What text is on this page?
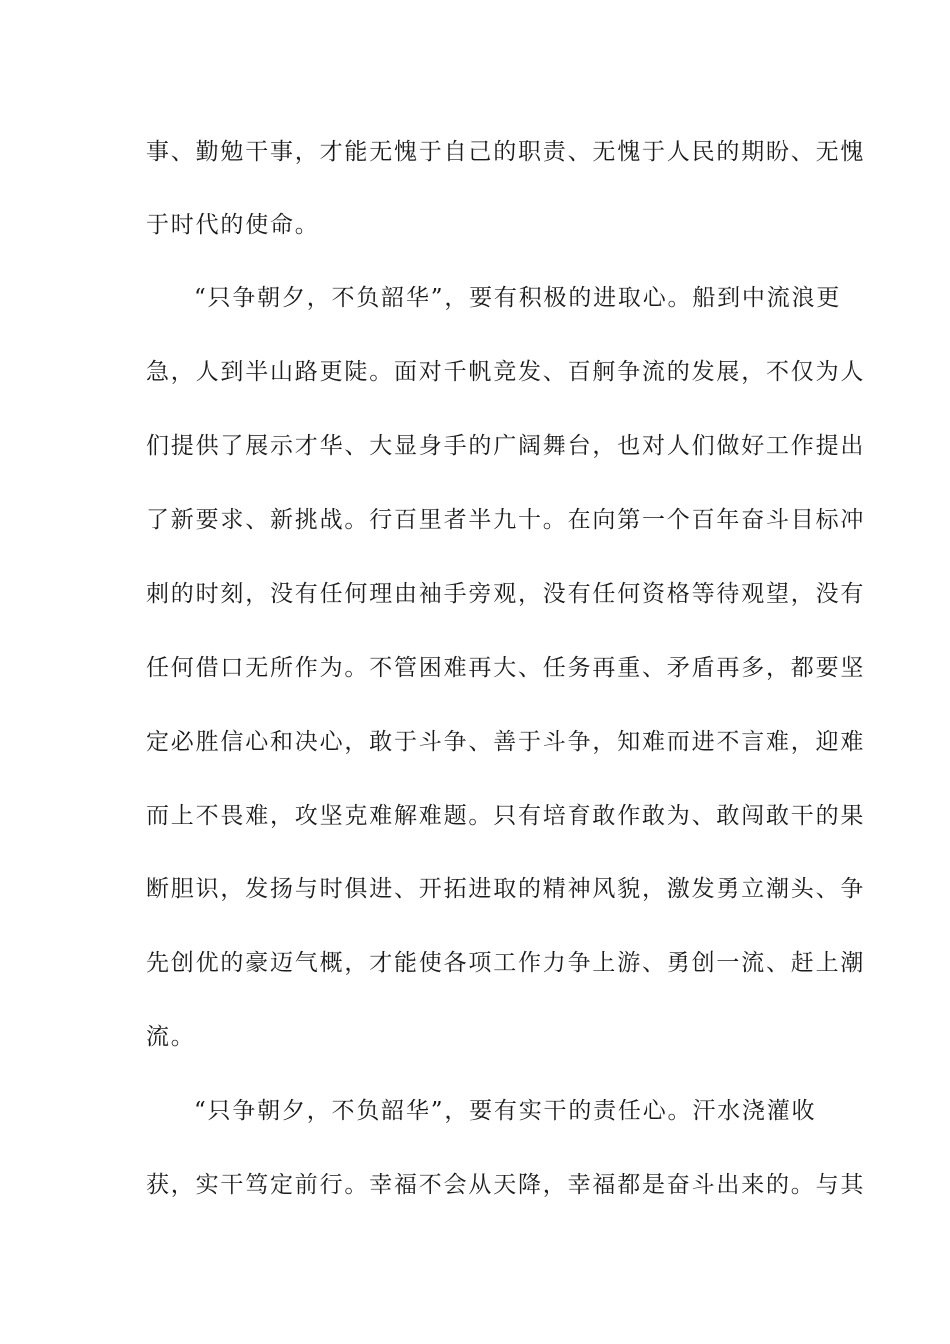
事、勤勉干事，才能无愧于自己的职责、无愧于人民的期盼、无愧
于时代的使命。
“只争朝夕，不负韶华”，要有积极的进取心。船到中流浪更
急，人到半山路更陡。面对千帆竞发、百舸争流的发展，不仅为人
们提供了展示才华、大显身手的广阔舞台，也对人们做好工作提出
了新要求、新挑战。行百里者半九十。在向第一个百年奋斗目标冲
刺的时刻，没有任何理由袖手旁观，没有任何资格等待观望，没有
任何借口无所作为。不管困难再大、任务再重、矛盾再多，都要坚
定必胜信心和决心，敢于斗争、善于斗争，知难而进不言难，迎难
而上不畏难，攻坚克难解难题。只有培育敢作敢为、敢闯敢干的果
断胆识，发扬与时俱进、开拓进取的精神风貌，激发勇立潮头、争
先创优的豪迈气概，才能使各项工作力争上游、勇创一流、赶上潮
流。
“只争朝夕，不负韶华”，要有实干的责任心。汗水浇灌收
获，实干笃定前行。幸福不会从天降，幸福都是奋斗出来的。与其
